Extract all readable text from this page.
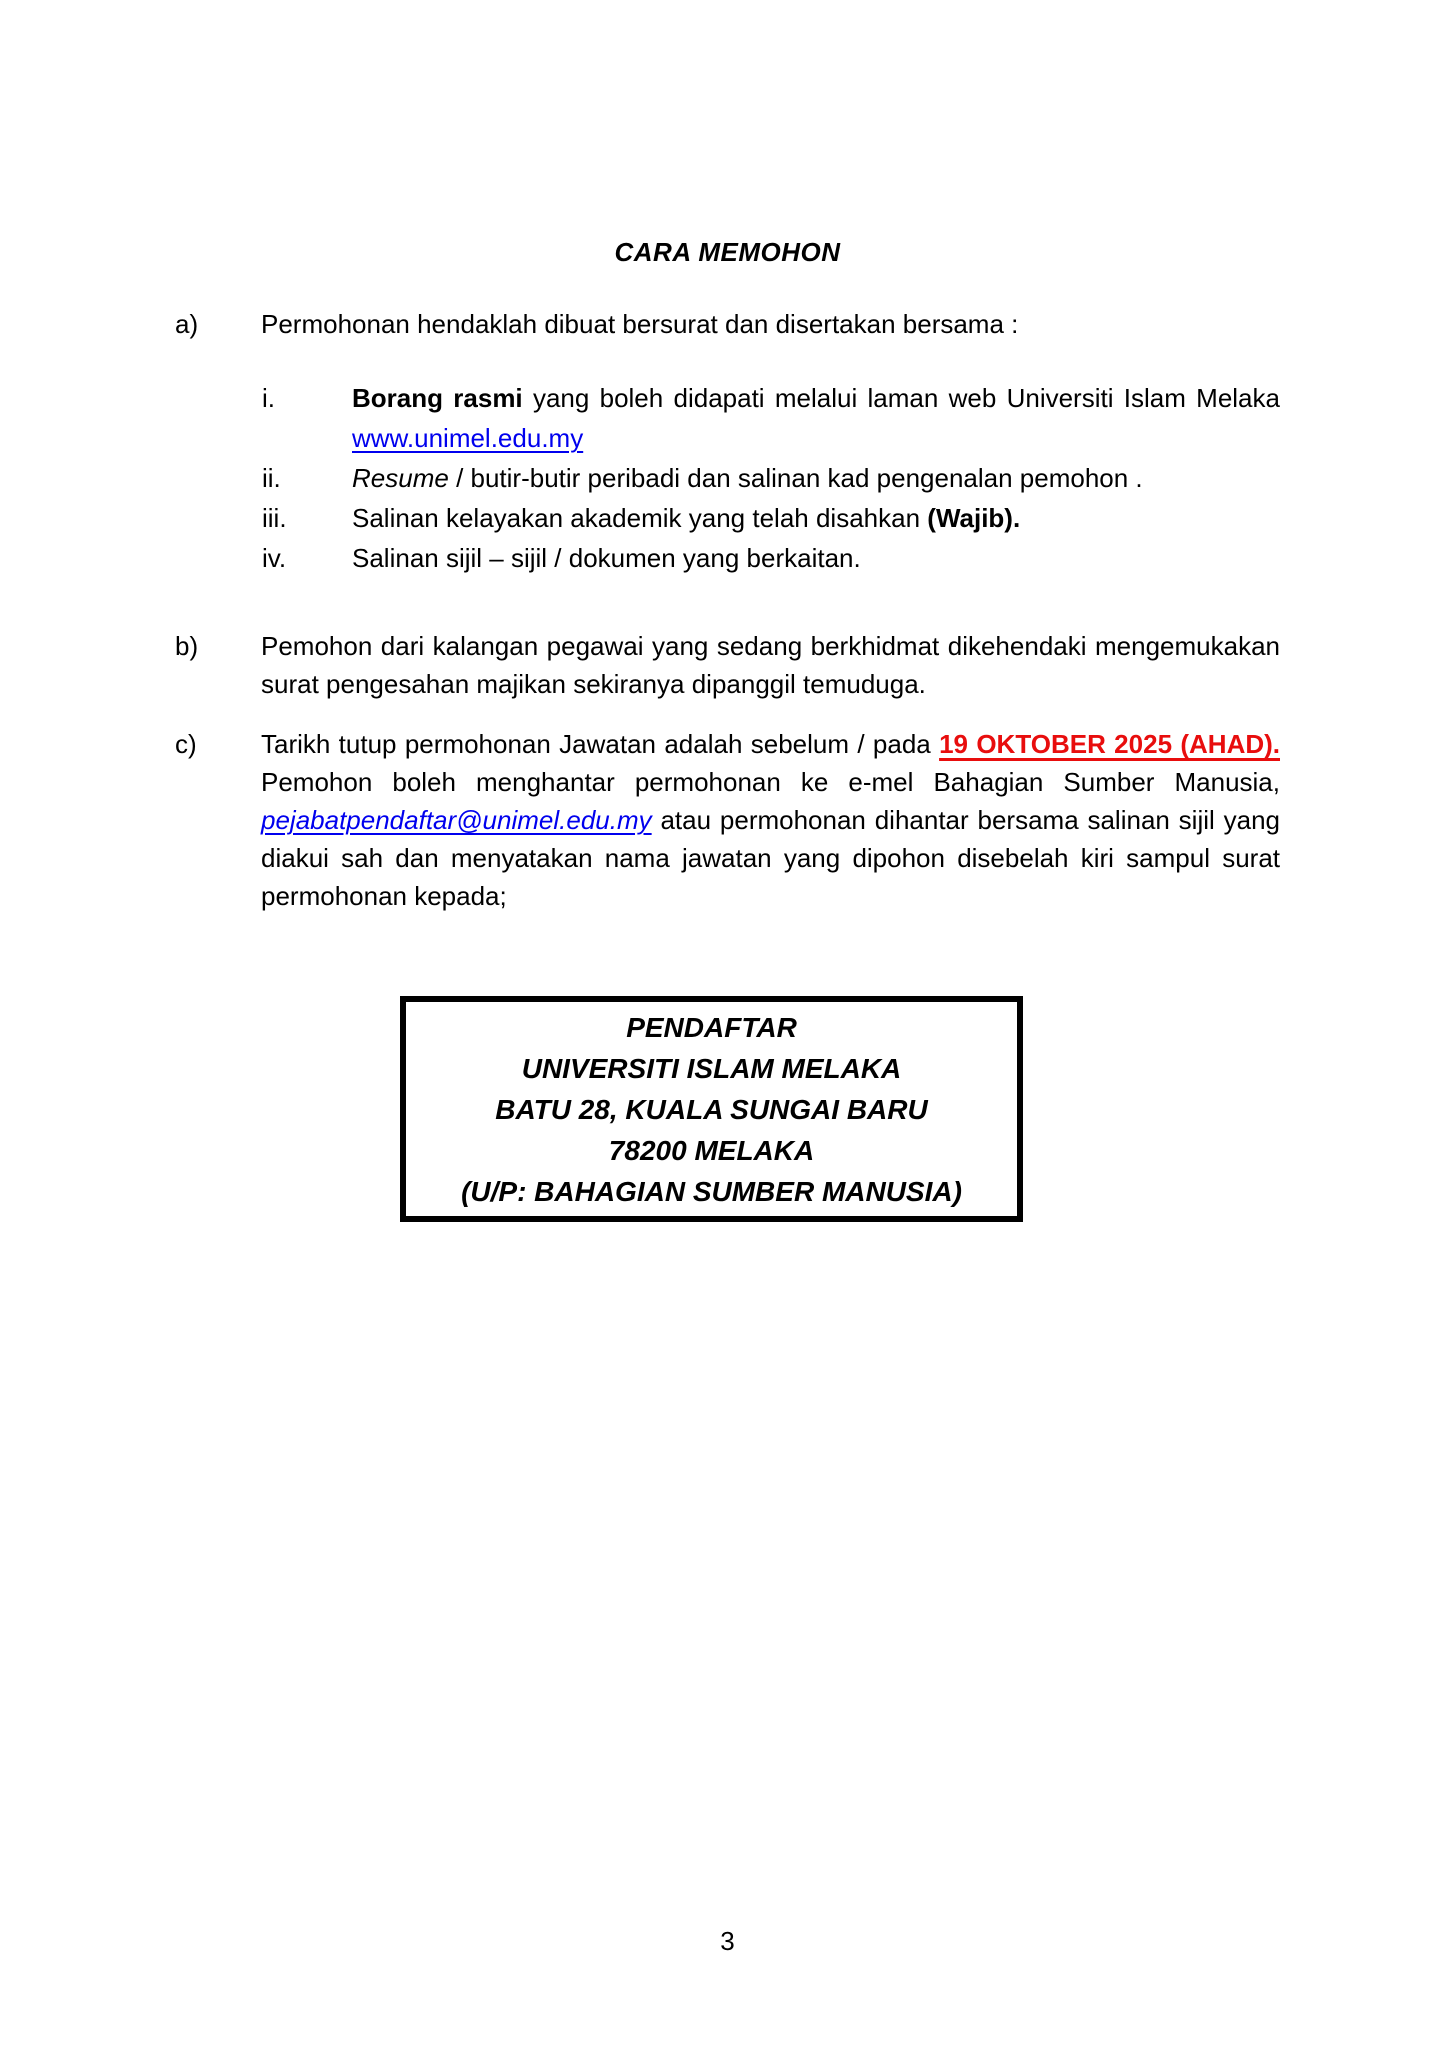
CARA MEMOHON
a)	Permohonan hendaklah dibuat bersurat dan disertakan bersama :
i.	Borang rasmi yang boleh didapati melalui laman web Universiti Islam Melaka
www.unimel.edu.my
ii.	Resume / butir-butir peribadi dan salinan kad pengenalan pemohon .
iii.	Salinan kelayakan akademik yang telah disahkan (Wajib).
iv.	Salinan sijil – sijil / dokumen yang berkaitan.
b)	Pemohon dari kalangan pegawai yang sedang berkhidmat dikehendaki mengemukakan surat pengesahan majikan sekiranya dipanggil temuduga.
c)	Tarikh tutup permohonan Jawatan adalah sebelum / pada 19 OKTOBER 2025 (AHAD). Pemohon boleh menghantar permohonan ke e-mel Bahagian Sumber Manusia, pejabatpendaftar@unimel.edu.my atau permohonan dihantar bersama salinan sijil yang diakui sah dan menyatakan nama jawatan yang dipohon disebelah kiri sampul surat permohonan kepada;
PENDAFTAR
UNIVERSITI ISLAM MELAKA
BATU 28, KUALA SUNGAI BARU
78200 MELAKA
(U/P: BAHAGIAN SUMBER MANUSIA)
3
